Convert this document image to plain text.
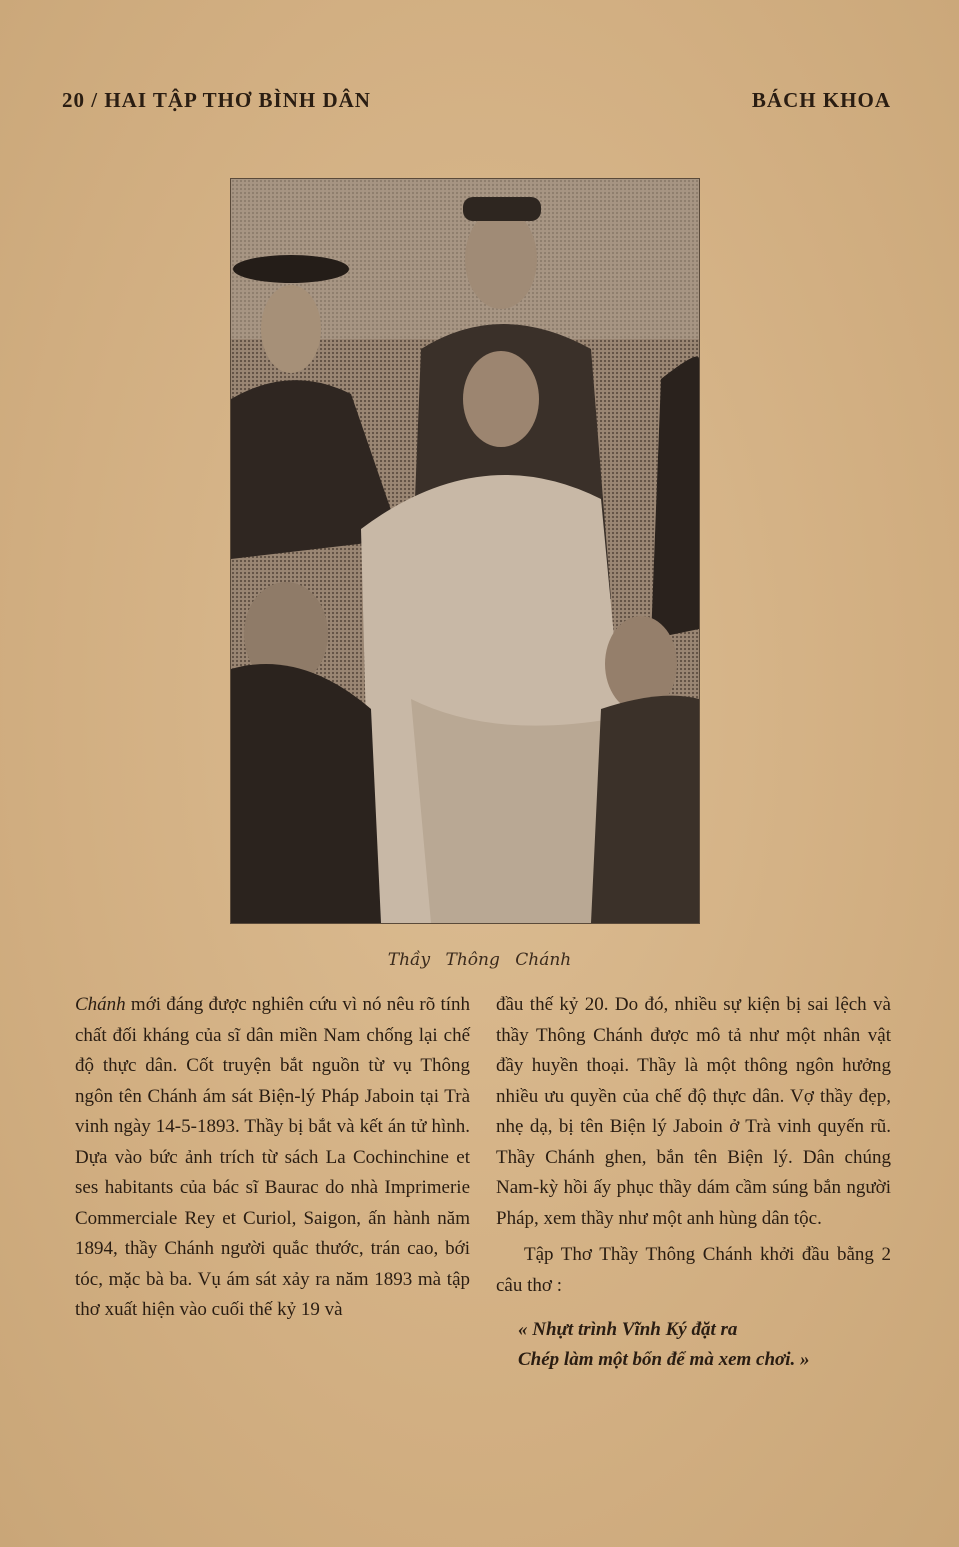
20 / HAI TẬP THƠ BÌNH DÂN	BÁCH KHOA
Thầy Thông Chánh

Chánh mới đáng được nghiên cứu vì nó nêu rõ tính chất đối kháng của sĩ dân miền Nam chống lại chế độ thực dân. Cốt truyện bắt nguồn từ vụ Thông ngôn tên Chánh ám sát Biện-lý Pháp Jaboin tại Trà vinh ngày 14-5-1893. Thầy bị bắt và kết án tử hình. Dựa vào bức ảnh trích từ sách La Cochinchine et ses habitants của bác sĩ Baurac do nhà Imprimerie Commerciale Rey et Curiol, Saigon, ấn hành năm 1894, thầy Chánh người quắc thước, trán cao, bới tóc, mặc bà ba. Vụ ám sát xảy ra năm 1893 mà tập thơ xuất hiện vào cuối thế kỷ 19 và

đầu thế kỷ 20. Do đó, nhiều sự kiện bị sai lệch và thầy Thông Chánh được mô tả như một nhân vật đầy huyền thoại. Thầy là một thông ngôn hưởng nhiều ưu quyền của chế độ thực dân. Vợ thầy đẹp, nhẹ dạ, bị tên Biện lý Jaboin ở Trà vinh quyến rũ. Thầy Chánh ghen, bắn tên Biện lý. Dân chúng Nam-kỳ hồi ấy phục thầy dám cầm súng bắn người Pháp, xem thầy như một anh hùng dân tộc.

Tập Thơ Thầy Thông Chánh khởi đầu bằng 2 câu thơ :

« Nhựt trình Vĩnh Ký đặt ra
Chép làm một bổn để mà xem chơi. »
